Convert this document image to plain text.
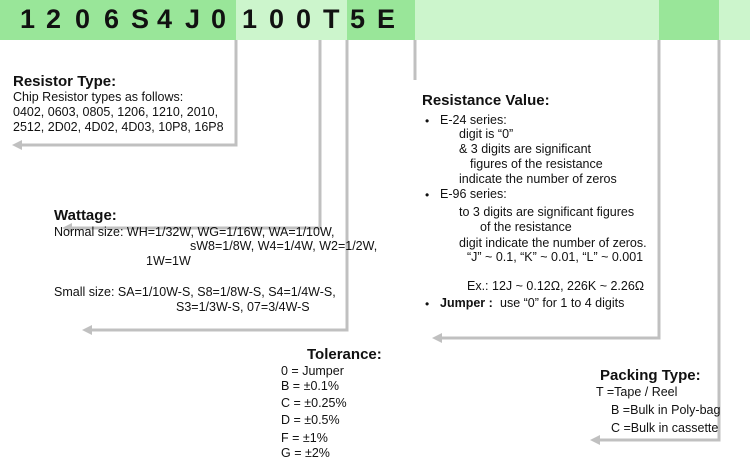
1 2 0 6 S 4 J 0 1 0 0 T 5 E
Resistor Type:
Chip Resistor types as follows:
0402, 0603, 0805, 1206, 1210, 2010,
2512, 2D02, 4D02, 4D03, 10P8, 16P8
Wattage:
Normal size: WH=1/32W, WG=1/16W, WA=1/10W,
sW8=1/8W, W4=1/4W, W2=1/2W,
1W=1W
Small size: SA=1/10W-S, S8=1/8W-S, S4=1/4W-S,
S3=1/3W-S, 07=3/4W-S
Resistance Value:
• E-24 series:
digit is “0”
& 3 digits are significant
figures of the resistance
indicate the number of zeros
• E-96 series:
to 3 digits are significant figures
of the resistance
digit indicate the number of zeros.
“J” ~ 0.1, “K” ~ 0.01, “L” ~ 0.001
Ex.: 12J ~ 0.12Ω, 226K ~ 2.26Ω
• Jumper : use “0” for 1 to 4 digits
Tolerance:
0 = Jumper
B = ±0.1%
C = ±0.25%
D = ±0.5%
F = ±1%
G = ±2%
Packing Type:
T =Tape / Reel
B =Bulk in Poly-bag
C =Bulk in cassette
